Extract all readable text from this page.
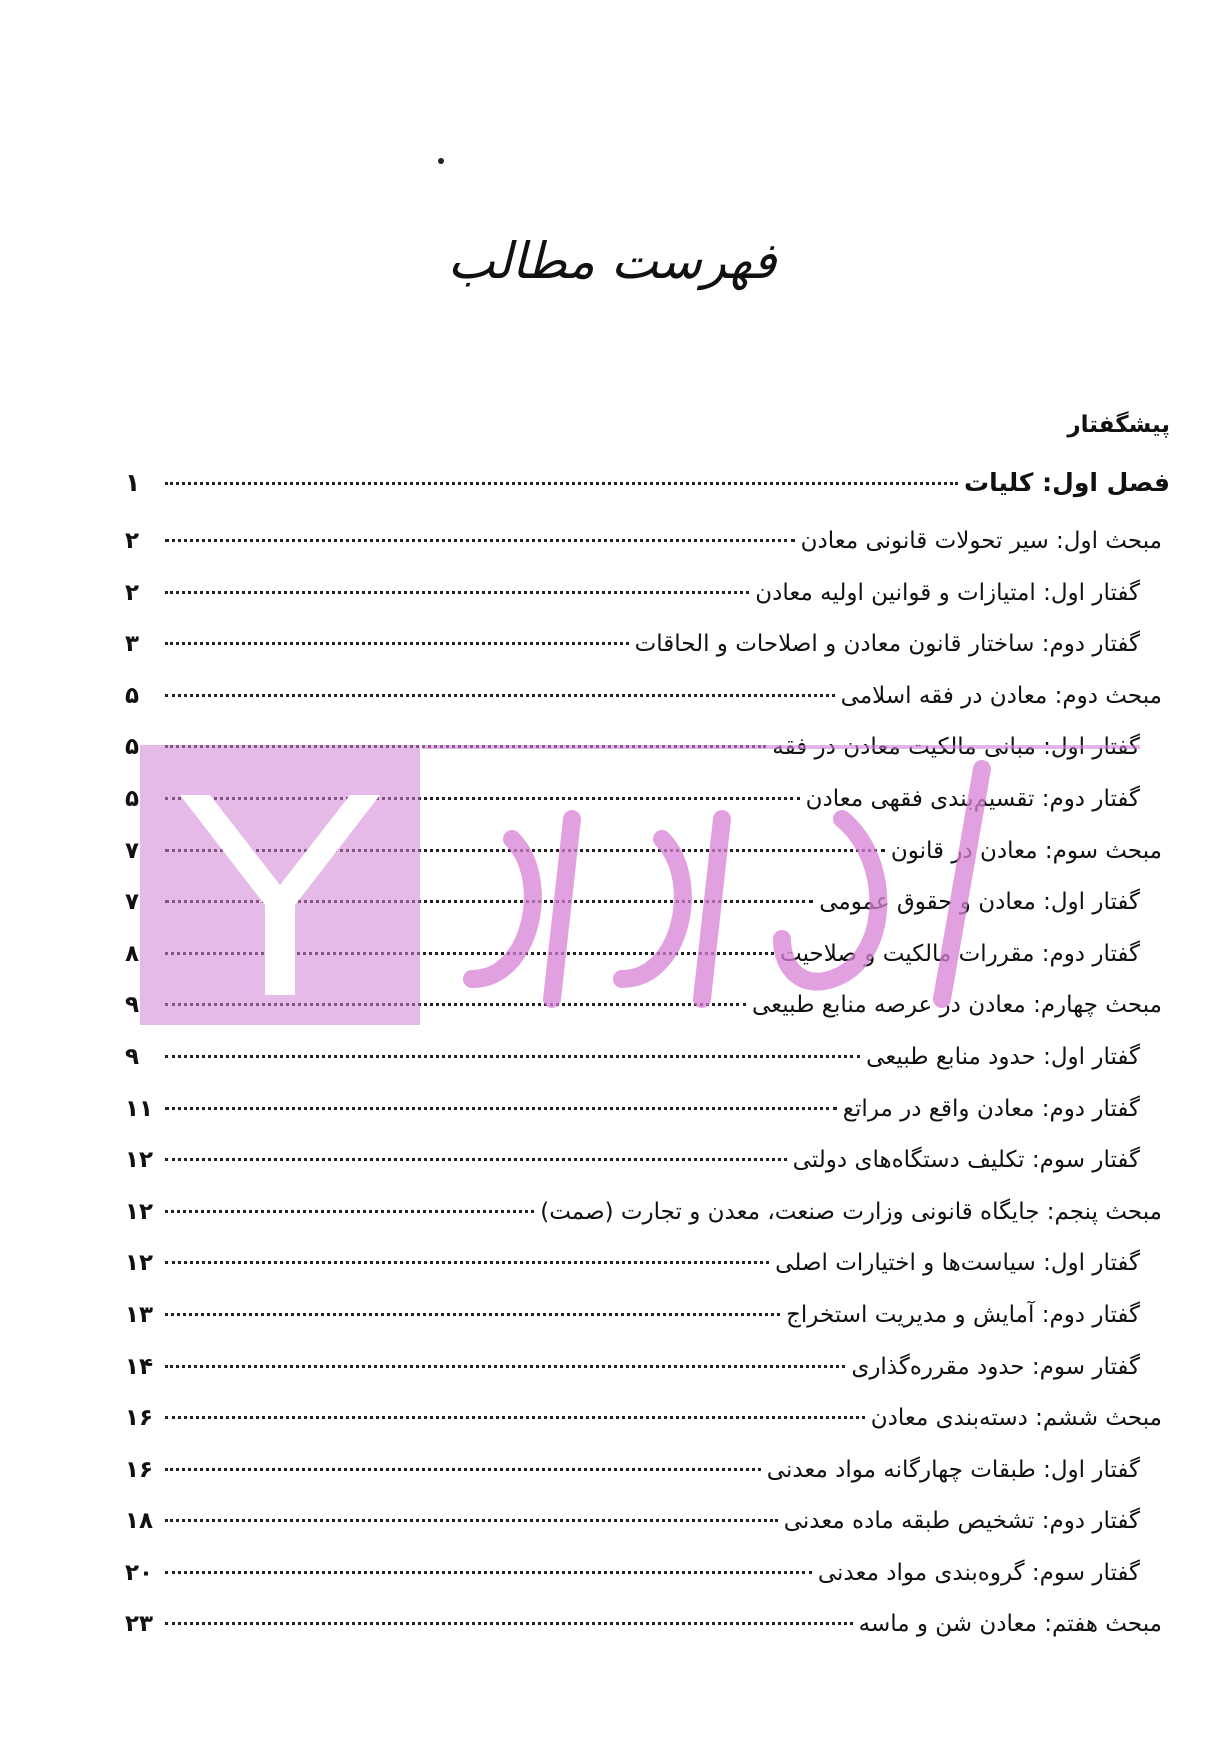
فهرست مطالب
پیشگفتار
فصل اول: کلیات
۱
مبحث اول: سیر تحولات قانونی معادن
۲
گفتار اول: امتیازات و قوانین اولیه معادن
۲
گفتار دوم: ساختار قانون معادن و اصلاحات و الحاقات
۳
مبحث دوم: معادن در فقه اسلامی
۵
گفتار اول: مبانی مالکیت معادن در فقه
۵
گفتار دوم: تقسیم‌بندی فقهی معادن
۵
مبحث سوم: معادن در قانون
۷
گفتار اول: معادن و حقوق عمومی
۷
گفتار دوم: مقررات مالکیت و صلاحیت
۸
مبحث چهارم: معادن در عرصه منابع طبیعی
۹
گفتار اول: حدود منابع طبیعی
۹
گفتار دوم: معادن واقع در مراتع
۱۱
گفتار سوم: تکلیف دستگاه‌های دولتی
۱۲
مبحث پنجم: جایگاه قانونی وزارت صنعت، معدن و تجارت (صمت)
۱۲
گفتار اول: سیاست‌ها و اختیارات اصلی
۱۲
گفتار دوم: آمایش و مدیریت استخراج
۱۳
گفتار سوم: حدود مقرره‌گذاری
۱۴
مبحث ششم: دسته‌بندی معادن
۱۶
گفتار اول: طبقات چهارگانه مواد معدنی
۱۶
گفتار دوم: تشخیص طبقه ماده معدنی
۱۸
گفتار سوم: گروه‌بندی مواد معدنی
۲۰
مبحث هفتم: معادن شن و ماسه
۲۳
ادابازار
